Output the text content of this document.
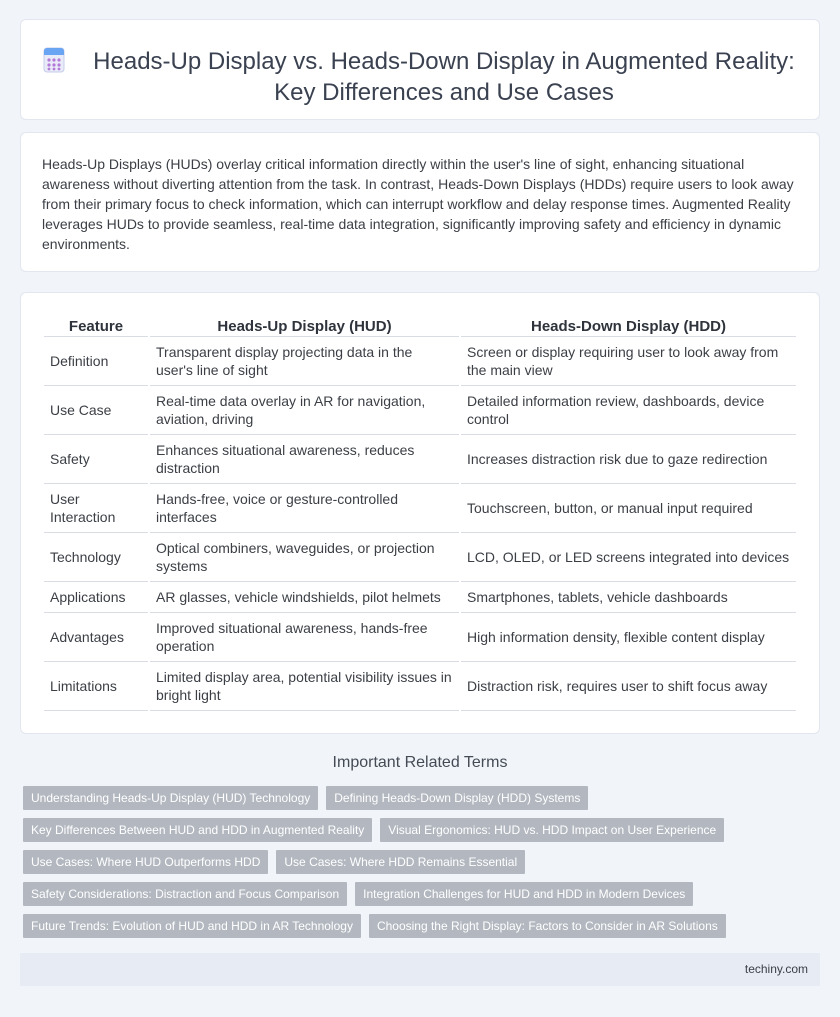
Heads-Up Display vs. Heads-Down Display in Augmented Reality: Key Differences and Use Cases

Heads-Up Displays (HUDs) overlay critical information directly within the user's line of sight, enhancing situational awareness without diverting attention from the task. In contrast, Heads-Down Displays (HDDs) require users to look away from their primary focus to check information, which can interrupt workflow and delay response times. Augmented Reality leverages HUDs to provide seamless, real-time data integration, significantly improving safety and efficiency in dynamic environments.

Feature	Heads-Up Display (HUD)	Heads-Down Display (HDD)
Definition	Transparent display projecting data in the user's line of sight	Screen or display requiring user to look away from the main view
Use Case	Real-time data overlay in AR for navigation, aviation, driving	Detailed information review, dashboards, device control
Safety	Enhances situational awareness, reduces distraction	Increases distraction risk due to gaze redirection
User Interaction	Hands-free, voice or gesture-controlled interfaces	Touchscreen, button, or manual input required
Technology	Optical combiners, waveguides, or projection systems	LCD, OLED, or LED screens integrated into devices
Applications	AR glasses, vehicle windshields, pilot helmets	Smartphones, tablets, vehicle dashboards
Advantages	Improved situational awareness, hands-free operation	High information density, flexible content display
Limitations	Limited display area, potential visibility issues in bright light	Distraction risk, requires user to shift focus away
Important Related Terms
Understanding Heads-Up Display (HUD) Technology	Defining Heads-Down Display (HDD) Systems
Key Differences Between HUD and HDD in Augmented Reality	Visual Ergonomics: HUD vs. HDD Impact on User Experience
Use Cases: Where HUD Outperforms HDD	Use Cases: Where HDD Remains Essential
Safety Considerations: Distraction and Focus Comparison	Integration Challenges for HUD and HDD in Modern Devices
Future Trends: Evolution of HUD and HDD in AR Technology	Choosing the Right Display: Factors to Consider in AR Solutions
techiny.com
